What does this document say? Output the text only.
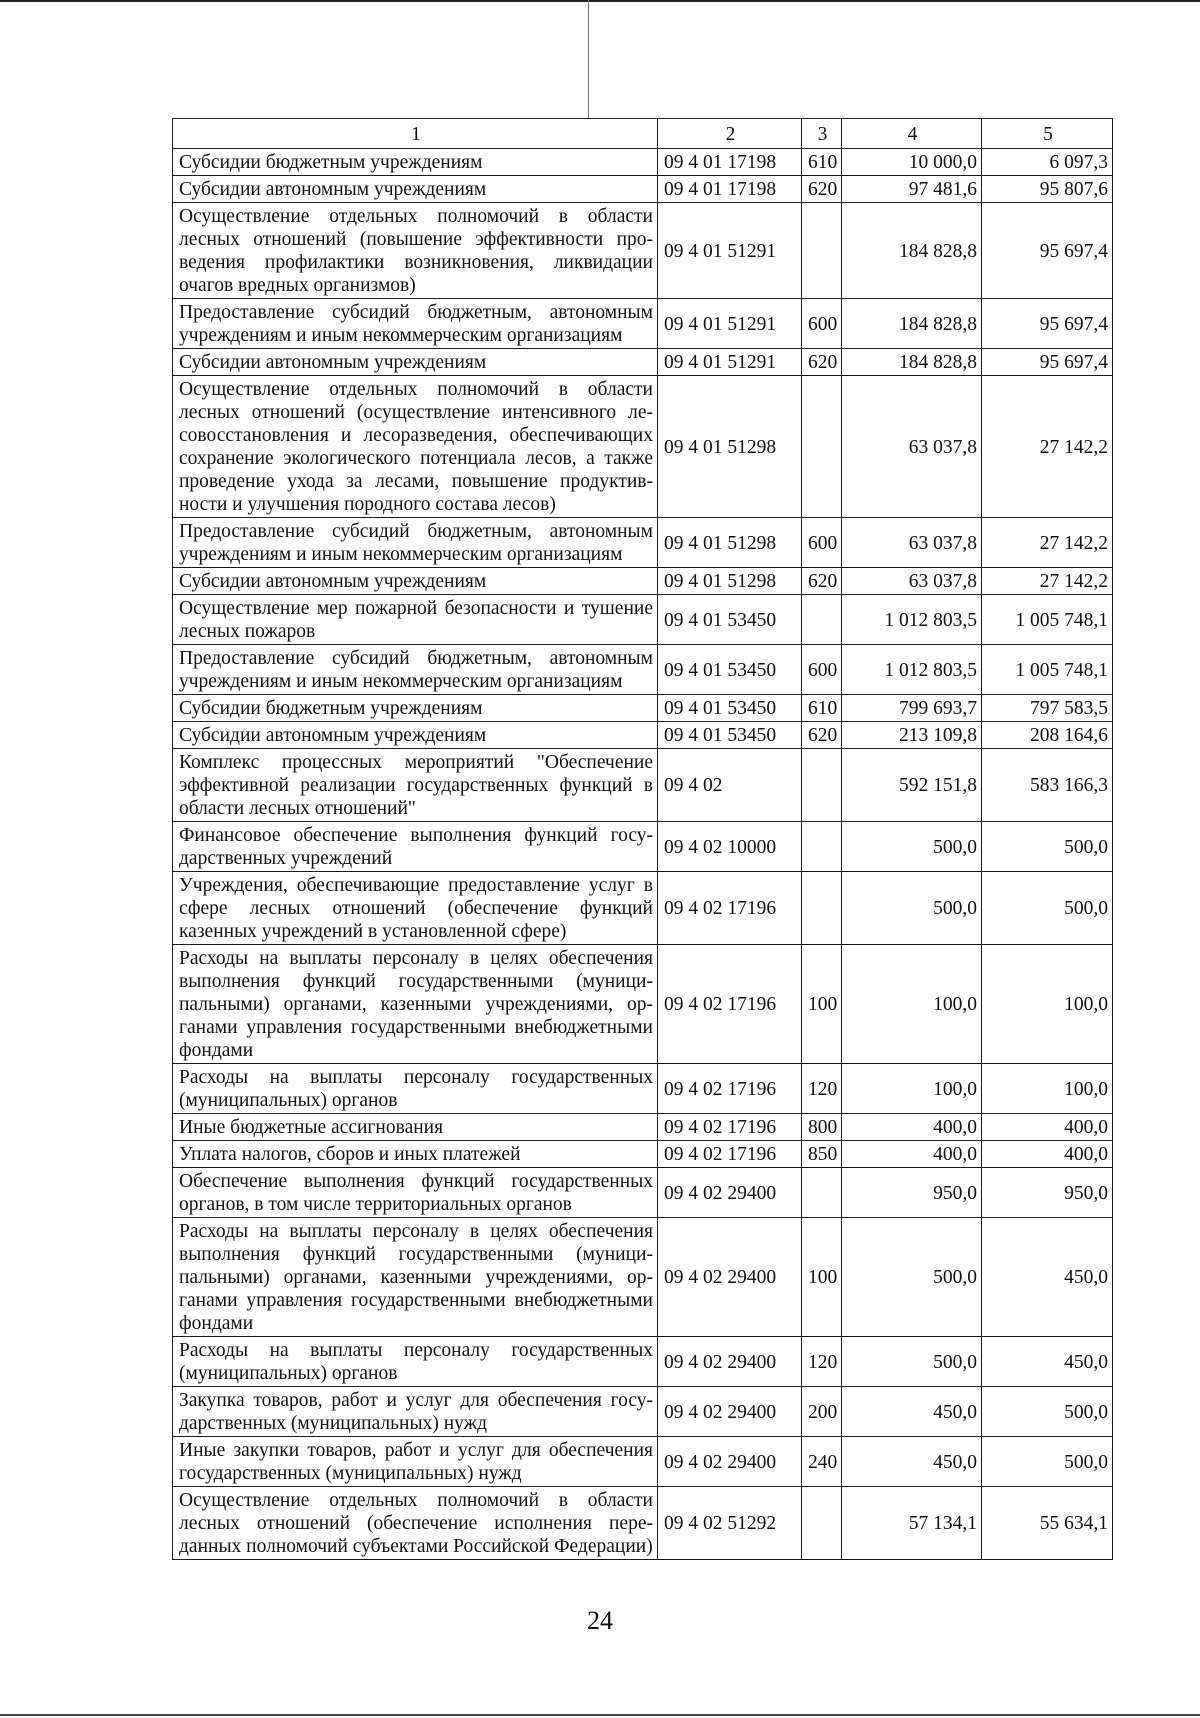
1	2	3	4	5
Субсидии бюджетным учреждениям	09 4 01 17198	610	10 000,0	6 097,3
Субсидии автономным учреждениям	09 4 01 17198	620	97 481,6	95 807,6
Осуществление отдельных полномочий в области лесных отношений (повышение эффективности проведения профилактики возникновения, ликвидации очагов вредных организмов)	09 4 01 51291		184 828,8	95 697,4
Предоставление субсидий бюджетным, автономным учреждениям и иным некоммерческим организациям	09 4 01 51291	600	184 828,8	95 697,4
Субсидии автономным учреждениям	09 4 01 51291	620	184 828,8	95 697,4
Осуществление отдельных полномочий в области лесных отношений (осуществление интенсивного лесовосстановления и лесоразведения, обеспечивающих сохранение экологического потенциала лесов, а также проведение ухода за лесами, повышение продуктивности и улучшения породного состава лесов)	09 4 01 51298		63 037,8	27 142,2
Предоставление субсидий бюджетным, автономным учреждениям и иным некоммерческим организациям	09 4 01 51298	600	63 037,8	27 142,2
Субсидии автономным учреждениям	09 4 01 51298	620	63 037,8	27 142,2
Осуществление мер пожарной безопасности и тушение лесных пожаров	09 4 01 53450		1 012 803,5	1 005 748,1
Предоставление субсидий бюджетным, автономным учреждениям и иным некоммерческим организациям	09 4 01 53450	600	1 012 803,5	1 005 748,1
Субсидии бюджетным учреждениям	09 4 01 53450	610	799 693,7	797 583,5
Субсидии автономным учреждениям	09 4 01 53450	620	213 109,8	208 164,6
Комплекс процессных мероприятий "Обеспечение эффективной реализации государственных функций в области лесных отношений"	09 4 02		592 151,8	583 166,3
Финансовое обеспечение выполнения функций государственных учреждений	09 4 02 10000		500,0	500,0
Учреждения, обеспечивающие предоставление услуг в сфере лесных отношений (обеспечение функций казенных учреждений в установленной сфере)	09 4 02 17196		500,0	500,0
Расходы на выплаты персоналу в целях обеспечения выполнения функций государственными (муниципальными) органами, казенными учреждениями, органами управления государственными внебюджетными фондами	09 4 02 17196	100	100,0	100,0
Расходы на выплаты персоналу государственных (муниципальных) органов	09 4 02 17196	120	100,0	100,0
Иные бюджетные ассигнования	09 4 02 17196	800	400,0	400,0
Уплата налогов, сборов и иных платежей	09 4 02 17196	850	400,0	400,0
Обеспечение выполнения функций государственных органов, в том числе территориальных органов	09 4 02 29400		950,0	950,0
Расходы на выплаты персоналу в целях обеспечения выполнения функций государственными (муниципальными) органами, казенными учреждениями, органами управления государственными внебюджетными фондами	09 4 02 29400	100	500,0	450,0
Расходы на выплаты персоналу государственных (муниципальных) органов	09 4 02 29400	120	500,0	450,0
Закупка товаров, работ и услуг для обеспечения государственных (муниципальных) нужд	09 4 02 29400	200	450,0	500,0
Иные закупки товаров, работ и услуг для обеспечения государственных (муниципальных) нужд	09 4 02 29400	240	450,0	500,0
Осуществление отдельных полномочий в области лесных отношений (обеспечение исполнения переданных полномочий субъектами Российской Федерации)	09 4 02 51292		57 134,1	55 634,1
24
